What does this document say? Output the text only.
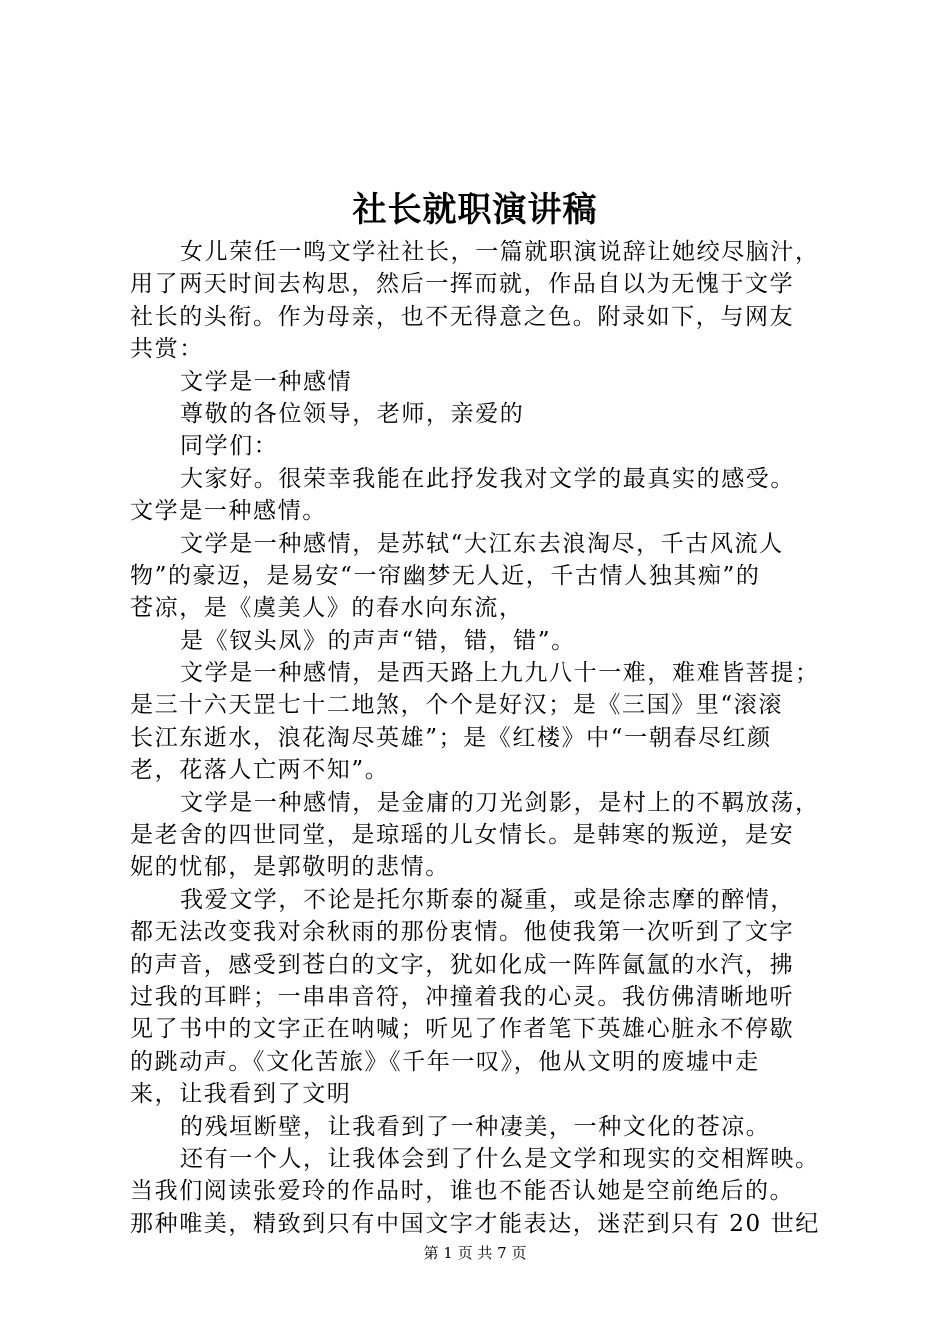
社长就职演讲稿
女儿荣任一鸣文学社社长，一篇就职演说辞让她绞尽脑汁，
用了两天时间去构思，然后一挥而就，作品自以为无愧于文学
社长的头衔。作为母亲，也不无得意之色。附录如下，与网友
共赏：
文学是一种感情
尊敬的各位领导，老师，亲爱的
同学们：
大家好。很荣幸我能在此抒发我对文学的最真实的感受。
文学是一种感情。
文学是一种感情，是苏轼“大江东去浪淘尽，千古风流人
物”的豪迈，是易安“一帘幽梦无人近，千古情人独其痴”的
苍凉，是《虞美人》的春水向东流，
是《钗头凤》的声声“错，错，错”。
文学是一种感情，是西天路上九九八十一难，难难皆菩提；
是三十六天罡七十二地煞，个个是好汉；是《三国》里“滚滚
长江东逝水，浪花淘尽英雄”；是《红楼》中“一朝春尽红颜
老，花落人亡两不知”。
文学是一种感情，是金庸的刀光剑影，是村上的不羁放荡，
是老舍的四世同堂，是琼瑶的儿女情长。是韩寒的叛逆，是安
妮的忧郁，是郭敬明的悲情。
我爱文学，不论是托尔斯泰的凝重，或是徐志摩的醉情，
都无法改变我对余秋雨的那份衷情。他使我第一次听到了文字
的声音，感受到苍白的文字，犹如化成一阵阵氤氲的水汽，拂
过我的耳畔；一串串音符，冲撞着我的心灵。我仿佛清晰地听
见了书中的文字正在呐喊；听见了作者笔下英雄心脏永不停歇
的跳动声。《文化苦旅》《千年一叹》，他从文明的废墟中走
来，让我看到了文明
的残垣断壁，让我看到了一种凄美，一种文化的苍凉。
还有一个人，让我体会到了什么是文学和现实的交相辉映。
当我们阅读张爱玲的作品时，谁也不能否认她是空前绝后的。
那种唯美，精致到只有中国文字才能表达，迷茫到只有 20 世纪
第 1 页 共 7 页
